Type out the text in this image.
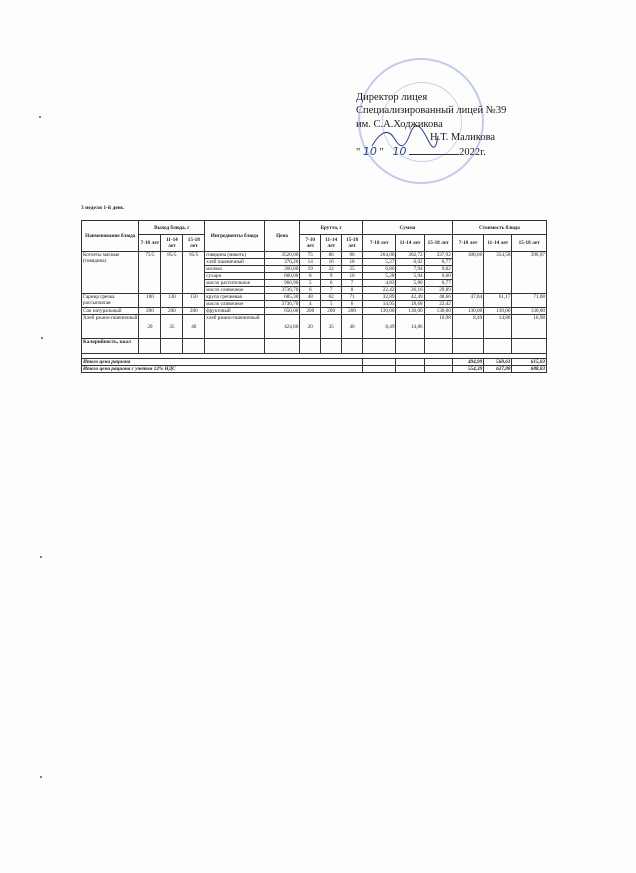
Директор лицея
Специализированный лицей №39
им. С.А.Ходжикова
Н.Т. Маликова
" 10 " 10	2022г.
3 неделя 1-й день
Наименование блюда	Выход блюда, г			Ингредиенты блюда	Цена	Брутто, г			Сумма			Стоимость блюда		
	7-10 лет	11-14 лет	15-18 лет			7-10 лет	11-14 лет	15-18 лет	7-10 лет	11-14 лет	15-18 лет	7-10 лет	11-14 лет	15-18 лет
Котлеты мясные (говядина)	75/5	85/5	95/5	говядина (мякоть)	3520,00	75	86	96	264,00	302,72	337,92	308,66	354,58	396,97
				хлеб пшеничный	376,20	14	16	18	5,27	6,02	6,77			
				молоко	360,80	19	22	25	6,86	7,94	9,02			
				сухари	660,00	8	9	10	5,28	5,94	6,60			
				масло растительное	966,90	5	6	7	4,83	5,80	6,77			
				масло сливочное	3736,70	6	7	8	22,42	26,16	29,89			
Гарнир гречка рассыпчатая	100	130	150	крупа гречневая	685,30	48	62	71	32,89	42,49	48,66	47,84	61,17	71,08
				масло сливочное	3736,70	4	5	6	14,95	18,68	22,42			
Сок натуральный	200	200	200	фруктовый	650,00	200	200	200	130,00	130,00	130,00	130,00	130,00	130,00
Хлеб ржано-пшеничный	20	35	40	хлеб ржано-пшеничный	424,60	20	35	40	8,49	14,86	16,98	8,49	14,86	16,98
Калорийность, ккал														

Итого цена рациона												494,99	560,61	615,03
Итого цена рациона с учетом 12% НДС												554,39	627,88	688,83
